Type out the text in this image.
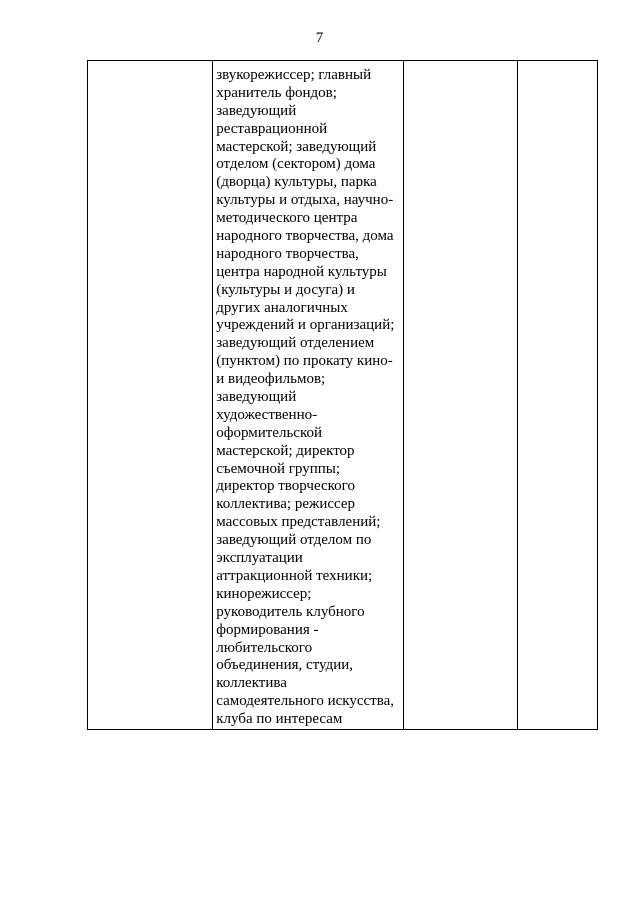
7

звукорежиссер; главный
хранитель фондов;
заведующий
реставрационной
мастерской; заведующий
отделом (сектором) дома
(дворца) культуры, парка
культуры и отдыха, научно-
методического центра
народного творчества, дома
народного творчества,
центра народной культуры
(культуры и досуга) и
других аналогичных
учреждений и организаций;
заведующий отделением
(пунктом) по прокату кино-
и видеофильмов;
заведующий
художественно-
оформительской
мастерской; директор
съемочной группы;
директор творческого
коллектива; режиссер
массовых представлений;
заведующий отделом по
эксплуатации
аттракционной техники;
кинорежиссер;
руководитель клубного
формирования -
любительского
объединения, студии,
коллектива
самодеятельного искусства,
клуба по интересам
